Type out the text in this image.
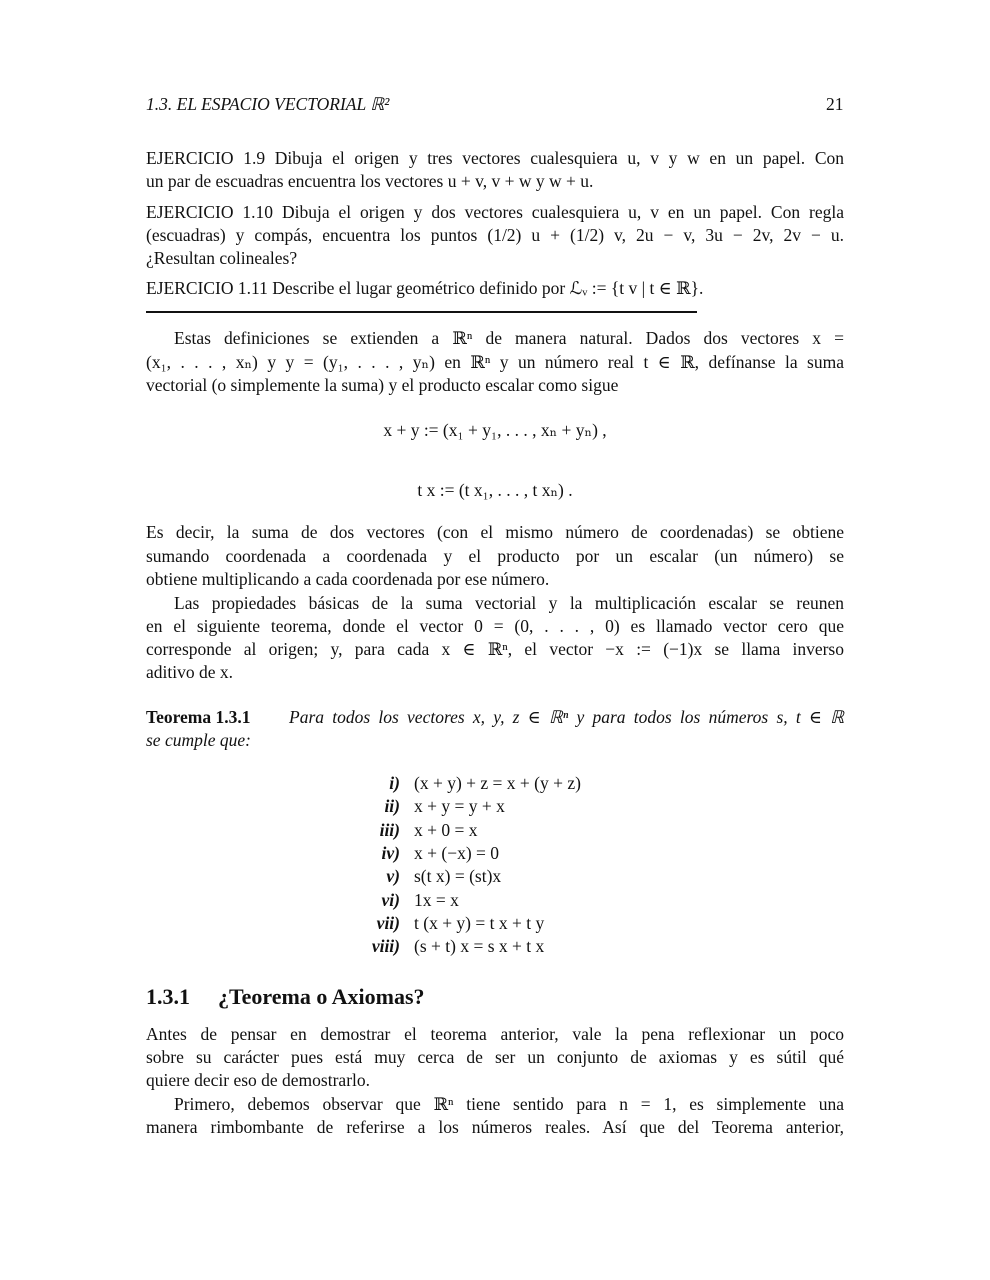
1.3. EL ESPACIO VECTORIAL ℝ²	21
EJERCICIO 1.9 Dibuja el origen y tres vectores cualesquiera u, v y w en un papel. Con
un par de escuadras encuentra los vectores u + v, v + w y w + u.
EJERCICIO 1.10 Dibuja el origen y dos vectores cualesquiera u, v en un papel. Con regla
(escuadras) y compás, encuentra los puntos (1/2) u + (1/2) v, 2u − v, 3u − 2v, 2v − u.
¿Resultan colineales?
EJERCICIO 1.11 Describe el lugar geométrico definido por ℒᵥ := {t v | t ∈ ℝ}.
Estas definiciones se extienden a ℝⁿ de manera natural. Dados dos vectores x =
(x₁, . . . , xₙ) y y = (y₁, . . . , yₙ) en ℝⁿ y un número real t ∈ ℝ, defínanse la suma
vectorial (o simplemente la suma) y el producto escalar como sigue
x + y := (x₁ + y₁, . . . , xₙ + yₙ) ,
t x := (t x₁, . . . , t xₙ) .
Es decir, la suma de dos vectores (con el mismo número de coordenadas) se obtiene
sumando coordenada a coordenada y el producto por un escalar (un número) se
obtiene multiplicando a cada coordenada por ese número.
Las propiedades básicas de la suma vectorial y la multiplicación escalar se reunen
en el siguiente teorema, donde el vector 0 = (0, . . . , 0) es llamado vector cero que
corresponde al origen; y, para cada x ∈ ℝⁿ, el vector −x := (−1)x se llama inverso
aditivo de x.
Teorema 1.3.1 Para todos los vectores x, y, z ∈ ℝⁿ y para todos los números s, t ∈ ℝ
se cumple que:
i) (x + y) + z = x + (y + z)
ii) x + y = y + x
iii) x + 0 = x
iv) x + (−x) = 0
v) s(t x) = (st)x
vi) 1x = x
vii) t (x + y) = t x + t y
viii) (s + t) x = s x + t x
1.3.1 ¿Teorema o Axiomas?
Antes de pensar en demostrar el teorema anterior, vale la pena reflexionar un poco
sobre su carácter pues está muy cerca de ser un conjunto de axiomas y es sútil qué
quiere decir eso de demostrarlo.
Primero, debemos observar que ℝⁿ tiene sentido para n = 1, es simplemente una
manera rimbombante de referirse a los números reales. Así que del Teorema anterior,
